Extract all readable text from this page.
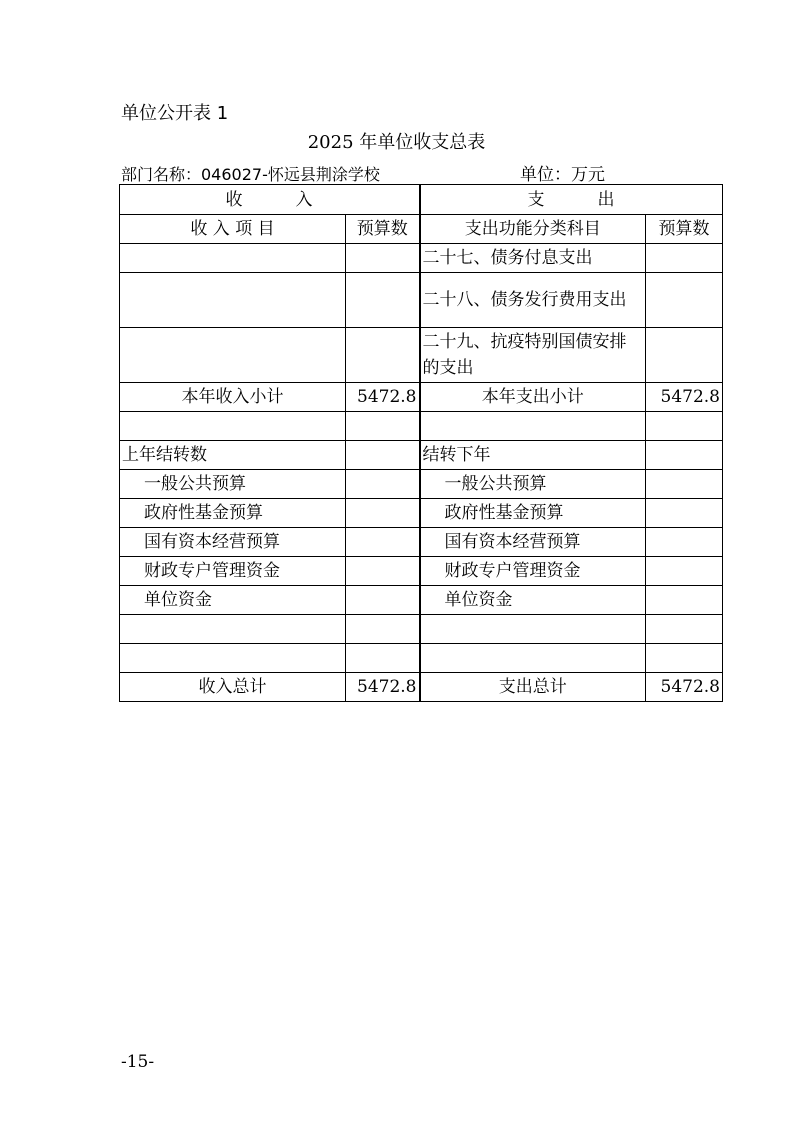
单位公开表 1
2025 年单位收支总表
部门名称：046027-怀远县荆涂学校	单位：万元
收　　　入		支　　　出	
收 入 项 目	预算数	支出功能分类科目	预算数
		二十七、债务付息支出	
		二十八、债务发行费用支出	
		二十九、抗疫特别国债安排的支出	
本年收入小计	5472.8	本年支出小计	5472.8

上年结转数		结转下年	
一般公共预算		一般公共预算	
政府性基金预算		政府性基金预算	
国有资本经营预算		国有资本经营预算	
财政专户管理资金		财政专户管理资金	
单位资金		单位资金	

收入总计	5472.8	支出总计	5472.8
-15-
